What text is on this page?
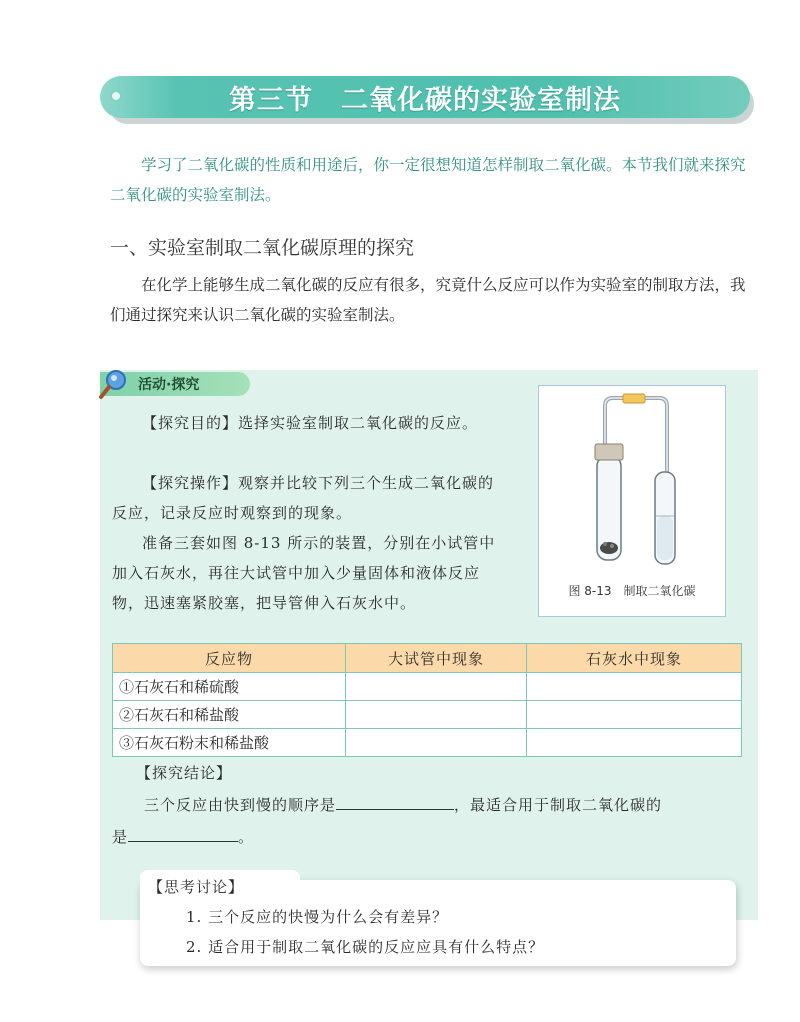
第三节　二氧化碳的实验室制法
学习了二氧化碳的性质和用途后，你一定很想知道怎样制取二氧化碳。本节我们就来探究二氧化碳的实验室制法。
一、实验室制取二氧化碳原理的探究
在化学上能够生成二氧化碳的反应有很多，究竟什么反应可以作为实验室的制取方法，我们通过探究来认识二氧化碳的实验室制法。
活动·探究
【探究目的】选择实验室制取二氧化碳的反应。
【探究操作】观察并比较下列三个生成二氧化碳的反应，记录反应时观察到的现象。
准备三套如图 8-13 所示的装置，分别在小试管中加入石灰水，再往大试管中加入少量固体和液体反应物，迅速塞紧胶塞，把导管伸入石灰水中。
图 8-13　制取二氧化碳
反应物	大试管中现象	石灰水中现象
①石灰石和稀硫酸		
②石灰石和稀盐酸		
③石灰石粉末和稀盐酸		
【探究结论】
三个反应由快到慢的顺序是	，最适合用于制取二氧化碳的
是	。
【思考讨论】
1. 三个反应的快慢为什么会有差异？
2. 适合用于制取二氧化碳的反应应具有什么特点？
